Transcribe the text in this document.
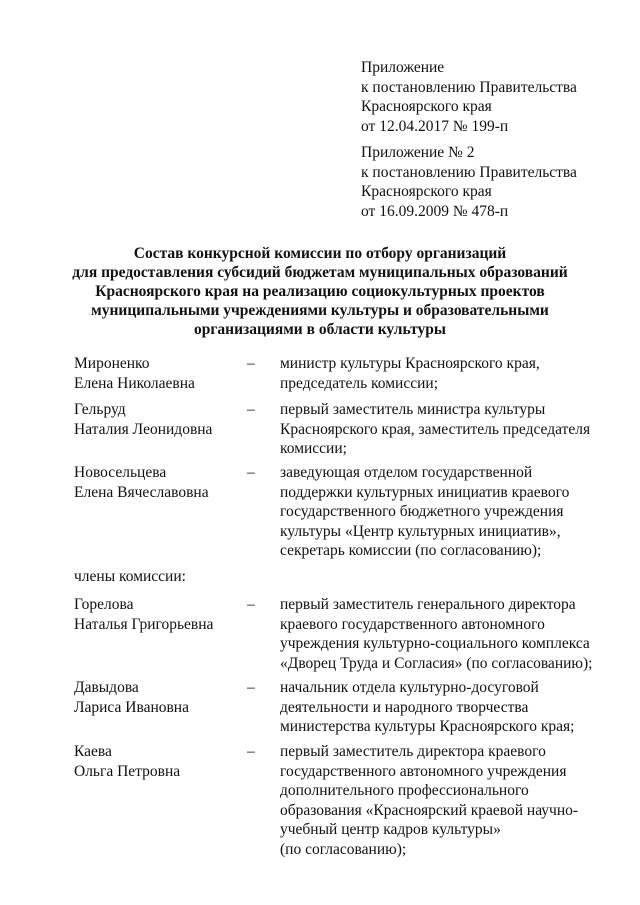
Приложение
к постановлению Правительства
Красноярского края
от 12.04.2017 № 199-п
Приложение № 2
к постановлению Правительства
Красноярского края
от 16.09.2009 № 478-п
Состав конкурсной комиссии по отбору организаций
для предоставления субсидий бюджетам муниципальных образований
Красноярского края на реализацию социокультурных проектов
муниципальными учреждениями культуры и образовательными
организациями в области культуры
Мироненко
Елена Николаевна
– министр культуры Красноярского края,
председатель комиссии;
Гельруд
Наталия Леонидовна
– первый заместитель министра культуры
Красноярского края, заместитель председателя
комиссии;
Новосельцева
Елена Вячеславовна
– заведующая отделом государственной
поддержки культурных инициатив краевого
государственного бюджетного учреждения
культуры «Центр культурных инициатив»,
секретарь комиссии (по согласованию);
члены комиссии:
Горелова
Наталья Григорьевна
– первый заместитель генерального директора
краевого государственного автономного
учреждения культурно-социального комплекса
«Дворец Труда и Согласия» (по согласованию);
Давыдова
Лариса Ивановна
– начальник отдела культурно-досуговой
деятельности и народного творчества
министерства культуры Красноярского края;
Каева
Ольга Петровна
– первый заместитель директора краевого
государственного автономного учреждения
дополнительного профессионального
образования «Красноярский краевой научно-
учебный центр кадров культуры»
(по согласованию);
